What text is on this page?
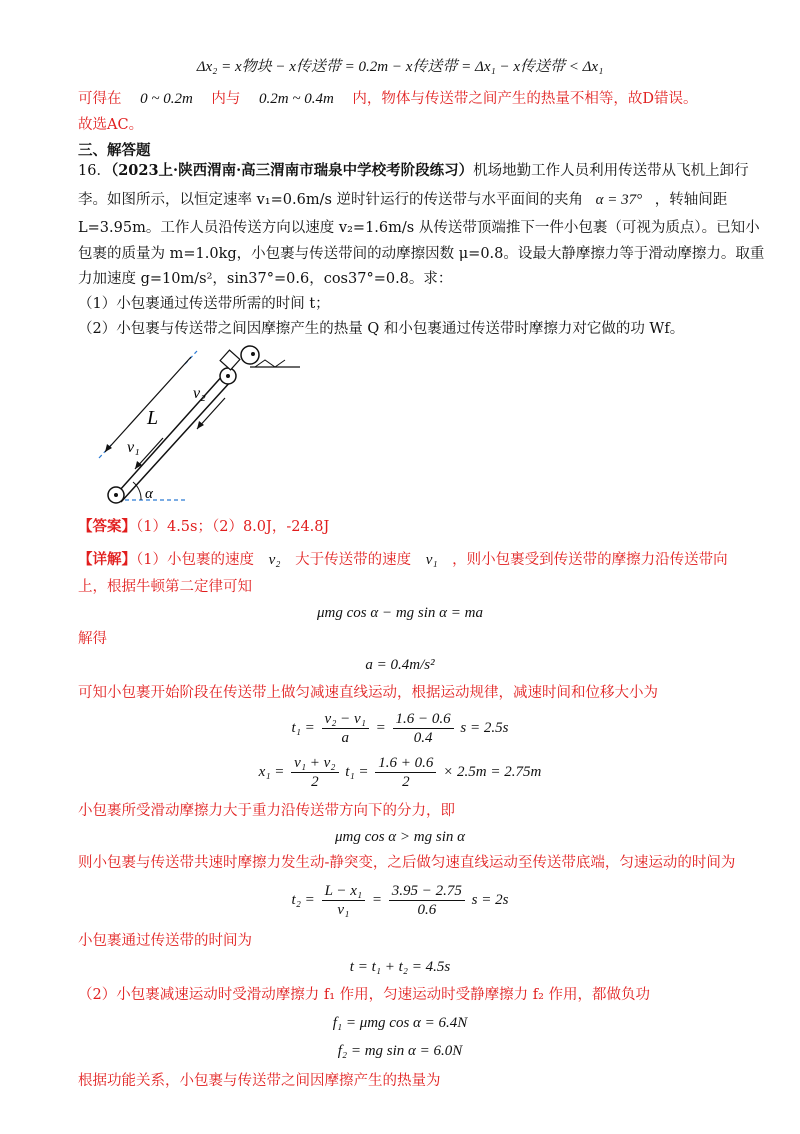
Δx₂ = x物块 − x传送带 = 0.2m − x传送带 = Δx₁ − x传送带 < Δx₁
可得在 0 ~ 0.2m 内与 0.2m ~ 0.4m 内，物体与传送带之间产生的热量不相等，故D错误。
故选AC。
三、解答题
16．（2023上·陕西渭南·高三渭南市瑞泉中学校考阶段练习）机场地勤工作人员利用传送带从飞机上卸行
李。如图所示，以恒定速率 v₁=0.6m/s 逆时针运行的传送带与水平面间的夹角 α = 37° ，转轴间距
L=3.95m。工作人员沿传送方向以速度 v₂=1.6m/s 从传送带顶端推下一件小包裹（可视为质点）。已知小
包裹的质量为 m=1.0kg，小包裹与传送带间的动摩擦因数 μ=0.8。设最大静摩擦力等于滑动摩擦力。取重
力加速度 g=10m/s²，sin37°=0.6，cos37°=0.8。求：
（1）小包裹通过传送带所需的时间 t；
（2）小包裹与传送带之间因摩擦产生的热量 Q 和小包裹通过传送带时摩擦力对它做的功 Wf。
L
v₁
v₂
α
【答案】（1）4.5s；（2）8.0J，-24.8J
【详解】（1）小包裹的速度 v₂ 大于传送带的速度 v₁ ，则小包裹受到传送带的摩擦力沿传送带向
上，根据牛顿第二定律可知
μmg cos α − mg sin α = ma
解得
a = 0.4m/s²
可知小包裹开始阶段在传送带上做匀减速直线运动，根据运动规律，减速时间和位移大小为
$t_1 = \frac{\text{v₂ − v₁}}{a} = \frac{1.6 - 0.6}{0.4}$ s = 2.5s
$x_1 = \frac{\text{v₁ + v₂}}{2} t_1 = \frac{1.6 + 0.6}{2} \times 2.5m = 2.75m$
小包裹所受滑动摩擦力大于重力沿传送带方向下的分力，即
μmg cos α > mg sin α
则小包裹与传送带共速时摩擦力发生动-静突变，之后做匀速直线运动至传送带底端，匀速运动的时间为
$t_2 = \frac{\text{L − x₁}}{\text{v₁}} = \frac{3.95 - 2.75}{0.6}$ s = 2s
小包裹通过传送带的时间为
t = t₁ + t₂ = 4.5s
（2）小包裹减速运动时受滑动摩擦力 f₁ 作用，匀速运动时受静摩擦力 f₂ 作用，都做负功
f₁ = μmg cos α = 6.4N
f₂ = mg sin α = 6.0N
根据功能关系，小包裹与传送带之间因摩擦产生的热量为
